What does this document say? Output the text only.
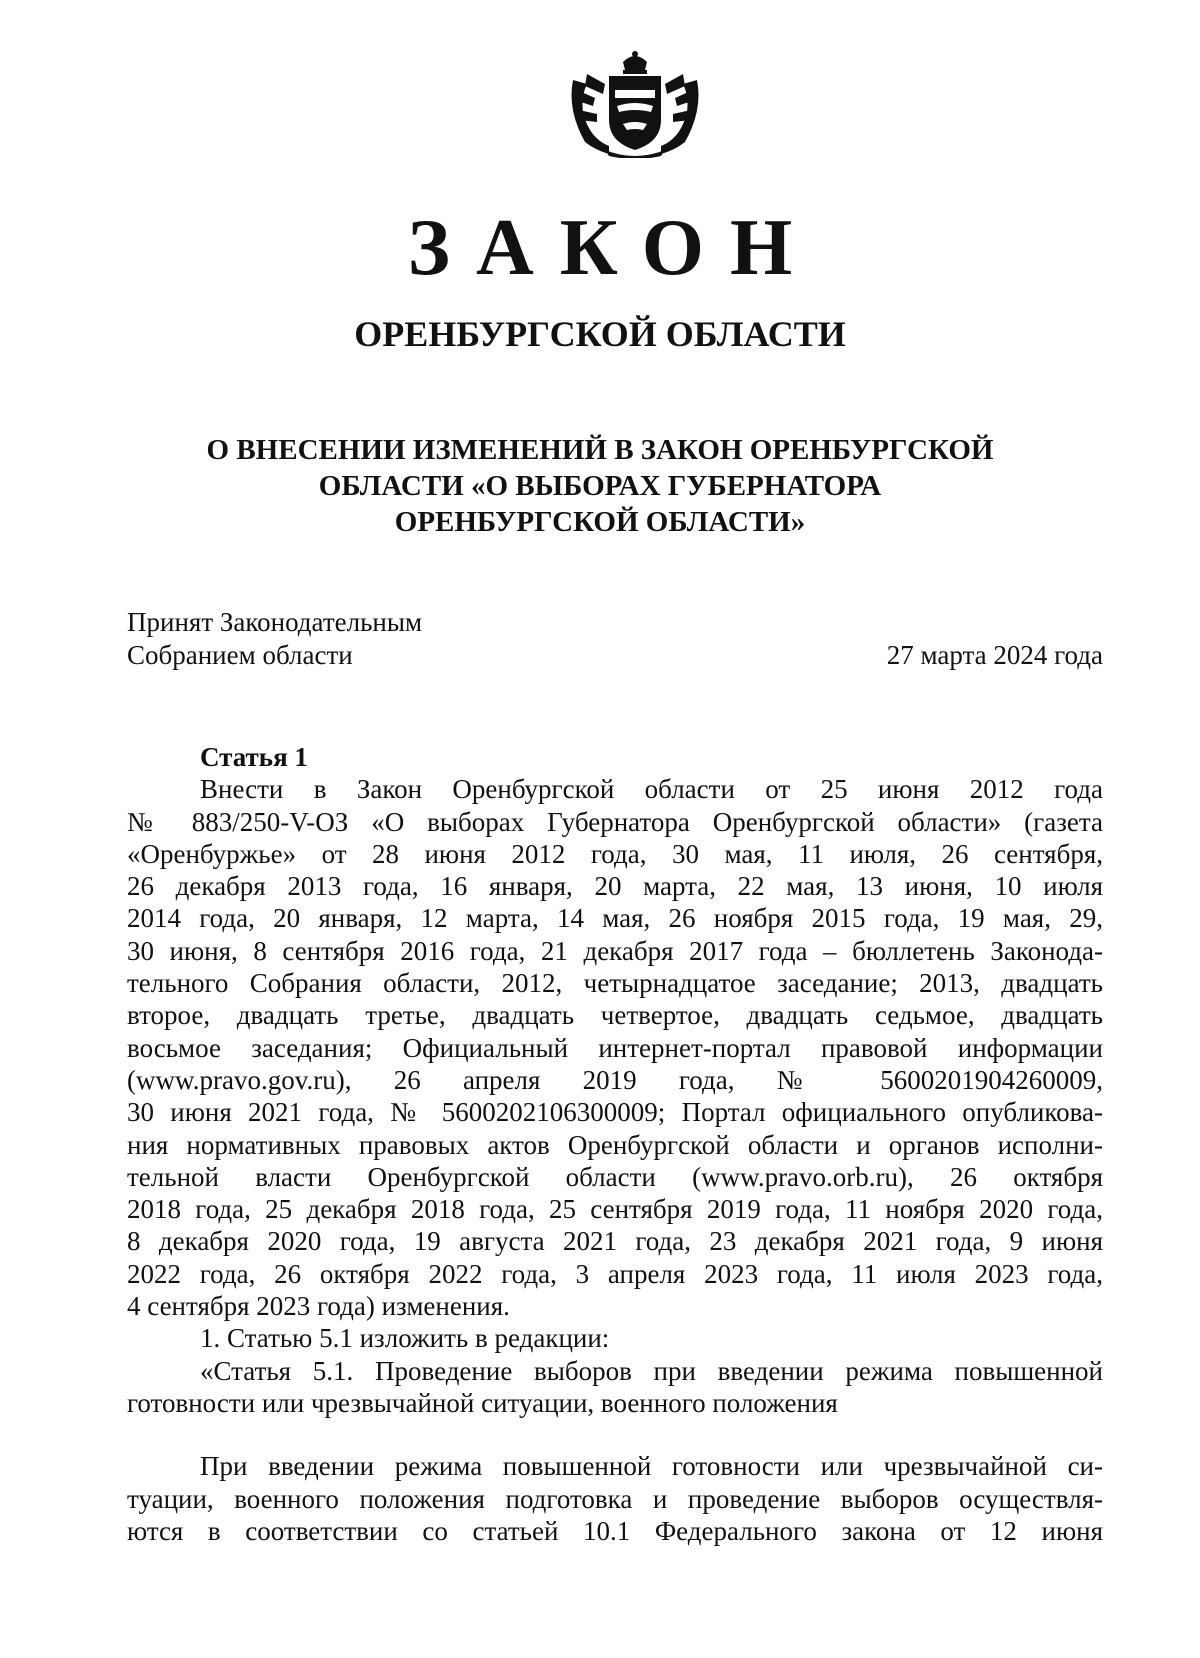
ЗАКОН
ОРЕНБУРГСКОЙ ОБЛАСТИ
О ВНЕСЕНИИ ИЗМЕНЕНИЙ В ЗАКОН ОРЕНБУРГСКОЙ
ОБЛАСТИ «О ВЫБОРАХ ГУБЕРНАТОРА
ОРЕНБУРГСКОЙ ОБЛАСТИ»
Принят Законодательным
Собранием области	27 марта 2024 года
Статья 1
Внести в Закон Оренбургской области от 25 июня 2012 года
№ 883/250-V-ОЗ «О выборах Губернатора Оренбургской области» (газета
«Оренбуржье» от 28 июня 2012 года, 30 мая, 11 июля, 26 сентября,
26 декабря 2013 года, 16 января, 20 марта, 22 мая, 13 июня, 10 июля
2014 года, 20 января, 12 марта, 14 мая, 26 ноября 2015 года, 19 мая, 29,
30 июня, 8 сентября 2016 года, 21 декабря 2017 года – бюллетень Законода-
тельного Собрания области, 2012, четырнадцатое заседание; 2013, двадцать
второе, двадцать третье, двадцать четвертое, двадцать седьмое, двадцать
восьмое заседания; Официальный интернет-портал правовой информации
(www.pravo.gov.ru), 26 апреля 2019 года, № 5600201904260009,
30 июня 2021 года, № 5600202106300009; Портал официального опубликова-
ния нормативных правовых актов Оренбургской области и органов исполни-
тельной власти Оренбургской области (www.pravo.orb.ru), 26 октября
2018 года, 25 декабря 2018 года, 25 сентября 2019 года, 11 ноября 2020 года,
8 декабря 2020 года, 19 августа 2021 года, 23 декабря 2021 года, 9 июня
2022 года, 26 октября 2022 года, 3 апреля 2023 года, 11 июля 2023 года,
4 сентября 2023 года) изменения.
1. Статью 5.1 изложить в редакции:
«Статья 5.1. Проведение выборов при введении режима повышенной
готовности или чрезвычайной ситуации, военного положения
При введении режима повышенной готовности или чрезвычайной си-
туации, военного положения подготовка и проведение выборов осуществля-
ются в соответствии со статьей 10.1 Федерального закона от 12 июня
